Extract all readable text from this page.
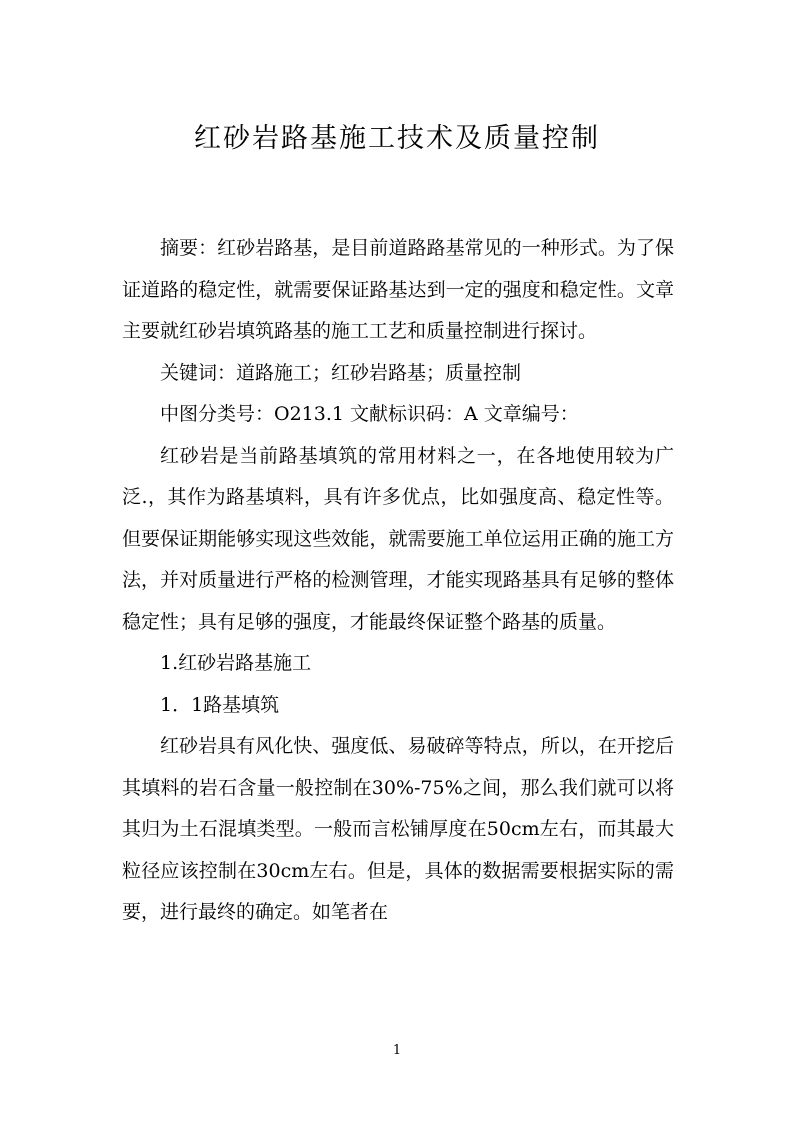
红砂岩路基施工技术及质量控制

摘要：红砂岩路基，是目前道路路基常见的一种形式。为了保证道路的稳定性，就需要保证路基达到一定的强度和稳定性。文章主要就红砂岩填筑路基的施工工艺和质量控制进行探讨。

关键词：道路施工；红砂岩路基；质量控制

中图分类号：O213.1 文献标识码：A 文章编号：

红砂岩是当前路基填筑的常用材料之一，在各地使用较为广泛.，其作为路基填料，具有许多优点，比如强度高、稳定性等。但要保证期能够实现这些效能，就需要施工单位运用正确的施工方法，并对质量进行严格的检测管理，才能实现路基具有足够的整体稳定性；具有足够的强度，才能最终保证整个路基的质量。

1.红砂岩路基施工

1．1路基填筑

红砂岩具有风化快、强度低、易破碎等特点，所以，在开挖后其填料的岩石含量一般控制在30%-75%之间，那么我们就可以将其归为土石混填类型。一般而言松铺厚度在50cm左右，而其最大粒径应该控制在30cm左右。但是，具体的数据需要根据实际的需要，进行最终的确定。如笔者在

1
